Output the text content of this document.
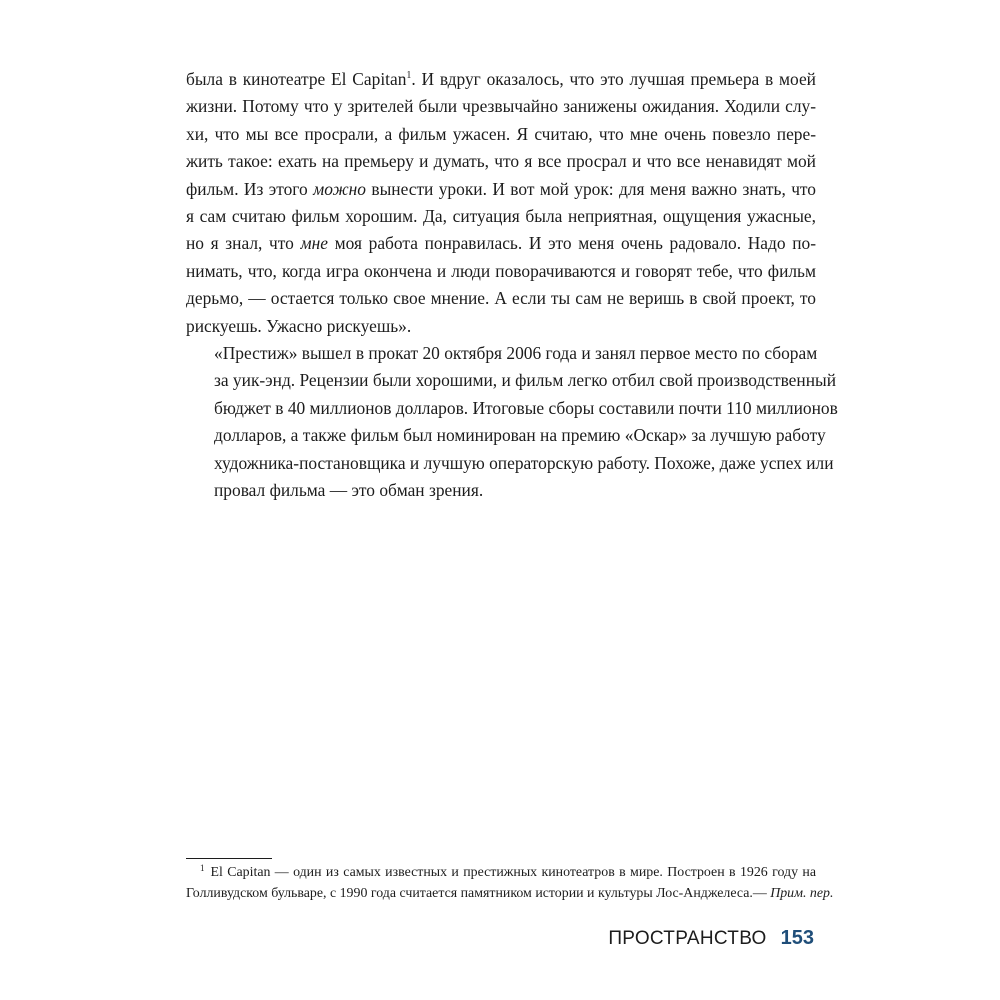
была в кинотеатре El Capitan$^1$. И вдруг оказалось, что это лучшая премьера в моей
жизни. Потому что у зрителей были чрезвычайно занижены ожидания. Ходили слу-
хи, что мы все просрали, а фильм ужасен. Я считаю, что мне очень повезло пере-
жить такое: ехать на премьеру и думать, что я все просрал и что все ненавидят мой
фильм. Из этого можно вынести уроки. И вот мой урок: для меня важно знать, что
я сам считаю фильм хорошим. Да, ситуация была неприятная, ощущения ужасные,
но я знал, что мне моя работа понравилась. И это меня очень радовало. Надо по-
нимать, что, когда игра окончена и люди поворачиваются и говорят тебе, что фильм
дерьмо, — остается только свое мнение. А если ты сам не веришь в свой проект, то
рискуешь. Ужасно рискуешь».

«Престиж» вышел в прокат 20 октября 2006 года и занял первое место по сборам
за уик-энд. Рецензии были хорошими, и фильм легко отбил свой производственный
бюджет в 40 миллионов долларов. Итоговые сборы составили почти 110 миллионов
долларов, а также фильм был номинирован на премию «Оскар» за лучшую работу
художника-постановщика и лучшую операторскую работу. Похоже, даже успех или
провал фильма — это обман зрения.

$^1$ El Capitan — один из самых известных и престижных кинотеатров в мире. Построен в 1926 году на
Голливудском бульваре, с 1990 года считается памятником истории и культуры Лос-Анджелеса.— Прим. пер.
ПРОСТРАНСТВО 153
